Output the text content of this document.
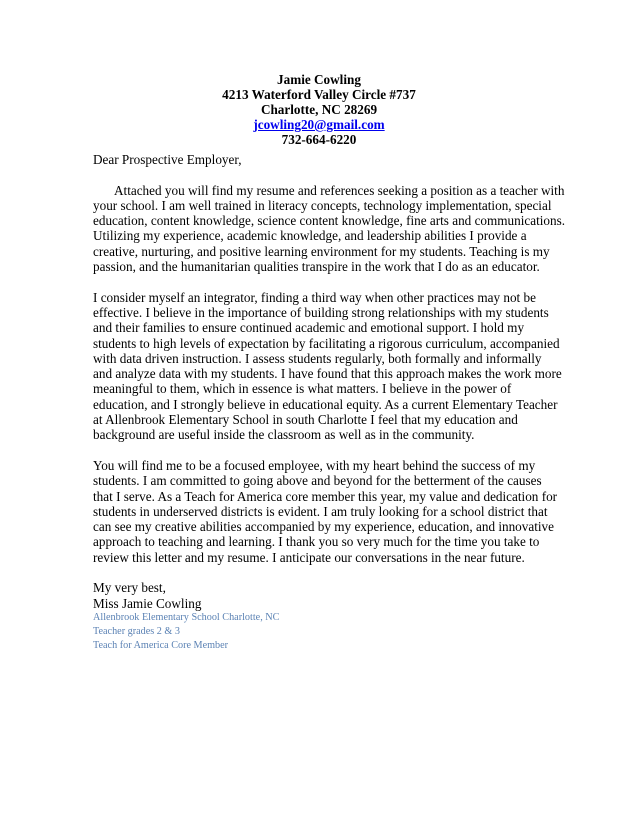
Jamie Cowling
4213 Waterford Valley Circle #737
Charlotte, NC 28269
jcowling20@gmail.com
732-664-6220
Dear Prospective Employer,
Attached you will find my resume and references seeking a position as a teacher with
your school. I am well trained in literacy concepts, technology implementation, special
education, content knowledge, science content knowledge, fine arts and communications.
Utilizing my experience, academic knowledge, and leadership abilities I provide a
creative, nurturing, and positive learning environment for my students. Teaching is my
passion, and the humanitarian qualities transpire in the work that I do as an educator.
I consider myself an integrator, finding a third way when other practices may not be
effective. I believe in the importance of building strong relationships with my students
and their families to ensure continued academic and emotional support. I hold my
students to high levels of expectation by facilitating a rigorous curriculum, accompanied
with data driven instruction. I assess students regularly, both formally and informally
and analyze data with my students. I have found that this approach makes the work more
meaningful to them, which in essence is what matters. I believe in the power of
education, and I strongly believe in educational equity. As a current Elementary Teacher
at Allenbrook Elementary School in south Charlotte I feel that my education and
background are useful inside the classroom as well as in the community.
You will find me to be a focused employee, with my heart behind the success of my
students. I am committed to going above and beyond for the betterment of the causes
that I serve. As a Teach for America core member this year, my value and dedication for
students in underserved districts is evident. I am truly looking for a school district that
can see my creative abilities accompanied by my experience, education, and innovative
approach to teaching and learning. I thank you so very much for the time you take to
review this letter and my resume. I anticipate our conversations in the near future.
My very best,
Miss Jamie Cowling
Allenbrook Elementary School Charlotte, NC
Teacher grades 2 & 3
Teach for America Core Member
